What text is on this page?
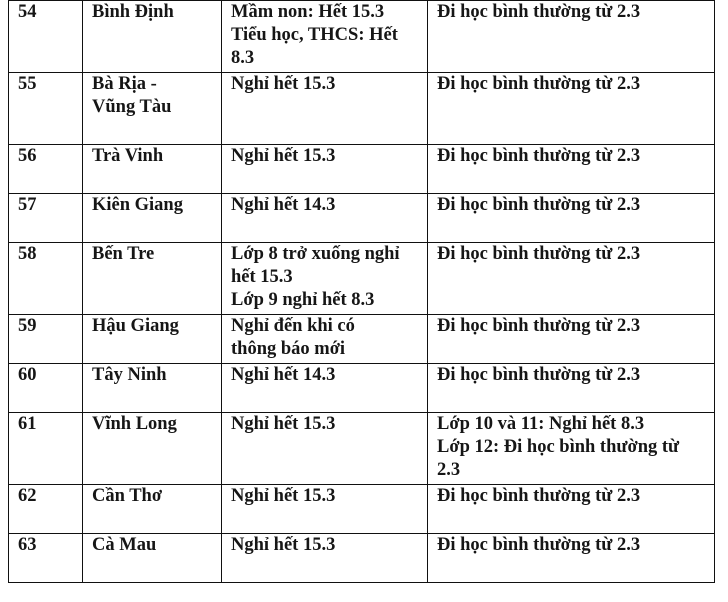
54	Bình Định	Mầm non: Hết 15.3
Tiểu học, THCS: Hết
8.3	Đi học bình thường từ 2.3

55	Bà Rịa -
Vũng Tàu	Nghỉ hết 15.3	Đi học bình thường từ 2.3

56	Trà Vinh	Nghỉ hết 15.3	Đi học bình thường từ 2.3

57	Kiên Giang	Nghỉ hết 14.3	Đi học bình thường từ 2.3

58	Bến Tre	Lớp 8 trở xuống nghỉ
hết 15.3
Lớp 9 nghỉ hết 8.3	Đi học bình thường từ 2.3

59	Hậu Giang	Nghỉ đến khi có
thông báo mới	Đi học bình thường từ 2.3

60	Tây Ninh	Nghỉ hết 14.3	Đi học bình thường từ 2.3

61	Vĩnh Long	Nghỉ hết 15.3	Lớp 10 và 11: Nghỉ hết 8.3
Lớp 12: Đi học bình thường từ
2.3

62	Cần Thơ	Nghỉ hết 15.3	Đi học bình thường từ 2.3

63	Cà Mau	Nghỉ hết 15.3	Đi học bình thường từ 2.3
